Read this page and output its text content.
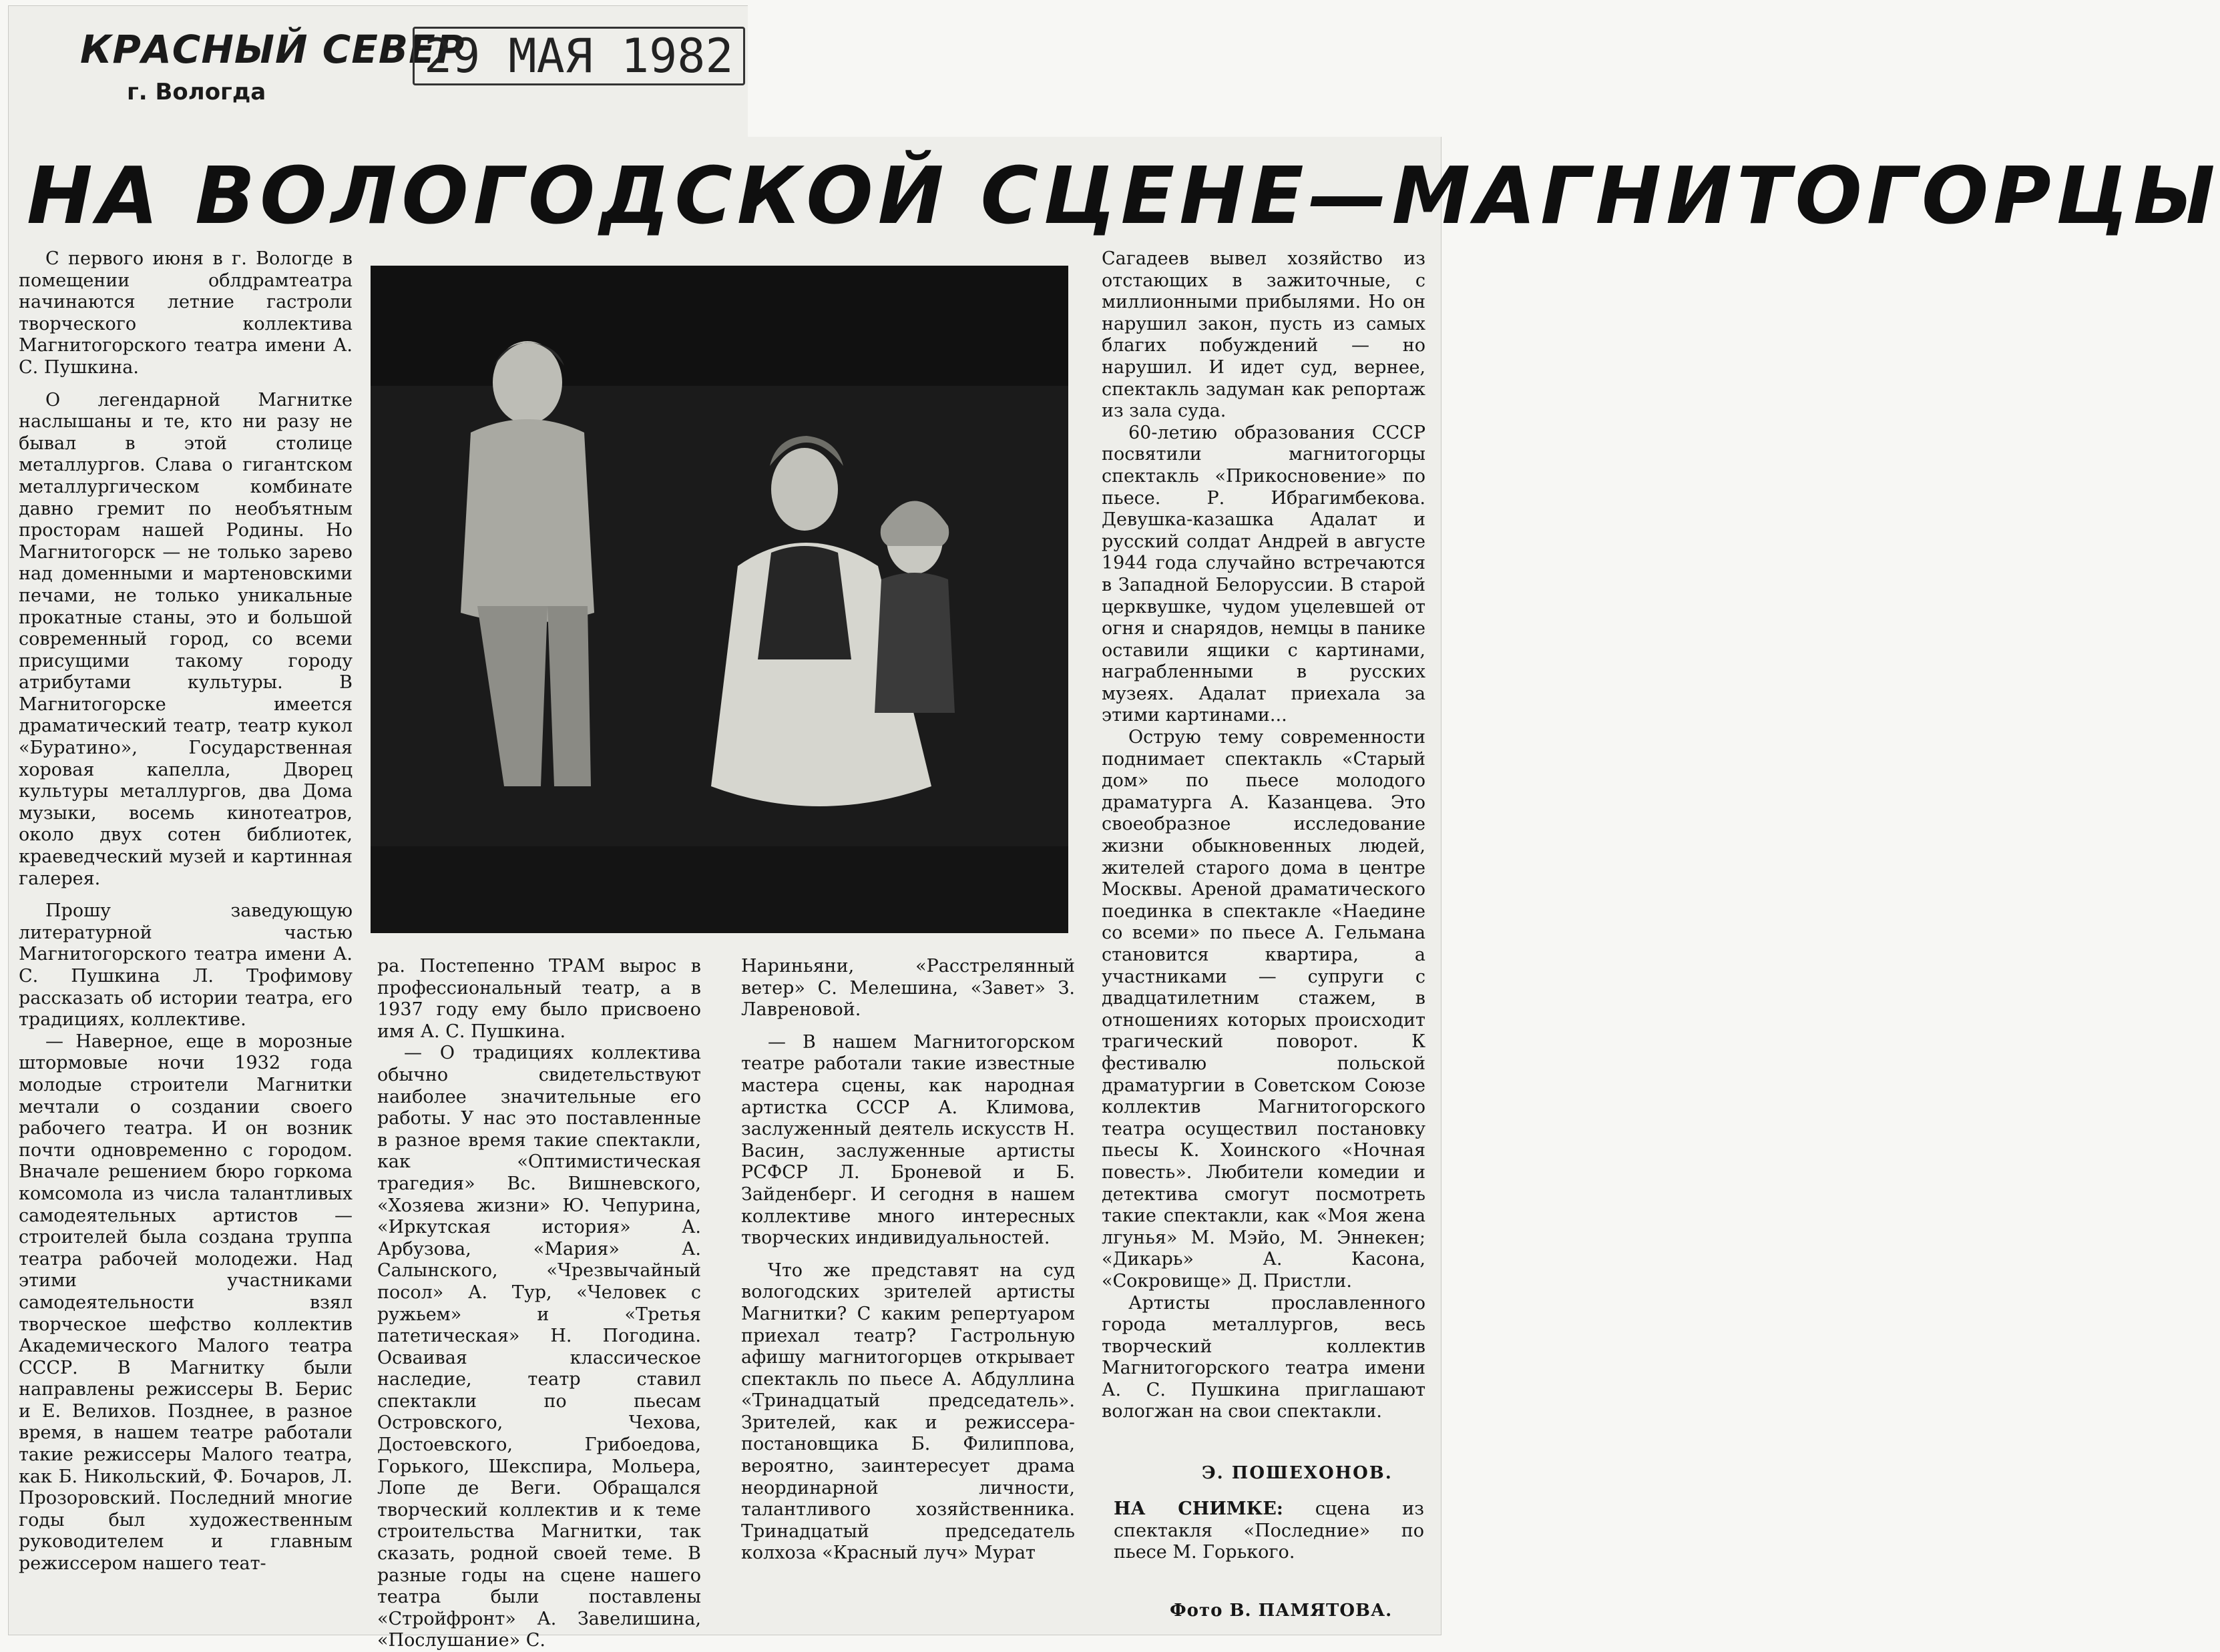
КРАСНЫЙ СЕВЕР

г. Вологда

29 МАЯ 1982

НА ВОЛОГОДСКОЙ СЦЕНЕ—МАГНИТОГОРЦЫ

С первого июня в г. Вологде в помещении облдрамтеатра начинаются летние гастроли творческого коллектива Магнитогорского театра имени А. С. Пушкина.

О легендарной Магнитке наслышаны и те, кто ни разу не бывал в этой столице металлургов. Слава о гигантском металлургическом комбинате давно гремит по необъятным просторам нашей Родины. Но Магнитогорск — не только зарево над доменными и мартеновскими печами, не только уникальные прокатные станы, это и большой современный город, со всеми присущими такому городу атрибутами культуры. В Магнитогорске имеется драматический театр, театр кукол «Буратино», Государственная хоровая капелла, Дворец культуры металлургов, два Дома музыки, восемь кинотеатров, около двух сотен библиотек, краеведческий музей и картинная галерея.

Прошу заведующую литературной частью Магнитогорского театра имени А. С. Пушкина Л. Трофимову рассказать об истории театра, его традициях, коллективе.

— Наверное, еще в морозные штормовые ночи 1932 года молодые строители Магнитки мечтали о создании своего рабочего театра. И он возник почти одновременно с городом. Вначале решением бюро горкома комсомола из числа талантливых самодеятельных артистов — строителей была создана труппа театра рабочей молодежи. Над этими участниками самодеятельности взял творческое шефство коллектив Академического Малого театра СССР. В Магнитку были направлены режиссеры В. Берис и Е. Велихов. Позднее, в разное время, в нашем театре работали такие режиссеры Малого театра, как Б. Никольский, Ф. Бочаров, Л. Прозоровский. Последний многие годы был художественным руководителем и главным режиссером нашего теат-

ра. Постепенно ТРАМ вырос в профессиональный театр, а в 1937 году ему было присвоено имя А. С. Пушкина.

— О традициях коллектива обычно свидетельствуют наиболее значительные его работы. У нас это поставленные в разное время такие спектакли, как «Оптимистическая трагедия» Вс. Вишневского, «Хозяева жизни» Ю. Чепурина, «Иркутская история» А. Арбузова, «Мария» А. Салынского, «Чрезвычайный посол» А. Тур, «Человек с ружьем» и «Третья патетическая» Н. Погодина. Осваивая классическое наследие, театр ставил спектакли по пьесам Островского, Чехова, Достоевского, Грибоедова, Горького, Шекспира, Мольера, Лопе де Веги. Обращался творческий коллектив и к теме строительства Магнитки, так сказать, родной своей теме. В разные годы на сцене нашего театра были поставлены «Стройфронт» А. Завелишина, «Послушание» С.

Нариньяни, «Расстрелянный ветер» С. Мелешина, «Завет» З. Лавреновой.

— В нашем Магнитогорском театре работали такие известные мастера сцены, как народная артистка СССР А. Климова, заслуженный деятель искусств Н. Васин, заслуженные артисты РСФСР Л. Броневой и Б. Зайденберг. И сегодня в нашем коллективе много интересных творческих индивидуальностей.

Что же представят на суд вологодских зрителей артисты Магнитки? С каким репертуаром приехал театр? Гастрольную афишу магнитогорцев открывает спектакль по пьесе А. Абдуллина «Тринадцатый председатель». Зрителей, как и режиссера-постановщика Б. Филиппова, вероятно, заинтересует драма неординарной личности, талантливого хозяйственника. Тринадцатый председатель колхоза «Красный луч» Мурат

Сагадеев вывел хозяйство из отстающих в зажиточные, с миллионными прибылями. Но он нарушил закон, пусть из самых благих побуждений — но нарушил. И идет суд, вернее, спектакль задуман как репортаж из зала суда.

60-летию образования СССР посвятили магнитогорцы спектакль «Прикосновение» по пьесе. Р. Ибрагимбекова. Девушка-казашка Адалат и русский солдат Андрей в августе 1944 года случайно встречаются в Западной Белоруссии. В старой церквушке, чудом уцелевшей от огня и снарядов, немцы в панике оставили ящики с картинами, награбленными в русских музеях. Адалат приехала за этими картинами...

Острую тему современности поднимает спектакль «Старый дом» по пьесе молодого драматурга А. Казанцева. Это своеобразное исследование жизни обыкновенных людей, жителей старого дома в центре Москвы. Ареной драматического поединка в спектакле «Наедине со всеми» по пьесе А. Гельмана становится квартира, а участниками — супруги с двадцатилетним стажем, в отношениях которых происходит трагический поворот. К фестивалю польской драматургии в Советском Союзе коллектив Магнитогорского театра осуществил постановку пьесы К. Хоинского «Ночная повесть». Любители комедии и детектива смогут посмотреть такие спектакли, как «Моя жена лгунья» М. Мэйо, М. Эннекен; «Дикарь» А. Касона, «Сокровище» Д. Пристли.

Артисты прославленного города металлургов, весь творческий коллектив Магнитогорского театра имени А. С. Пушкина приглашают вологжан на свои спектакли.

Э. ПОШЕХОНОВ.

НА СНИМКЕ: сцена из спектакля «Последние» по пьесе М. Горького.

Фото В. ПАМЯТОВА.
